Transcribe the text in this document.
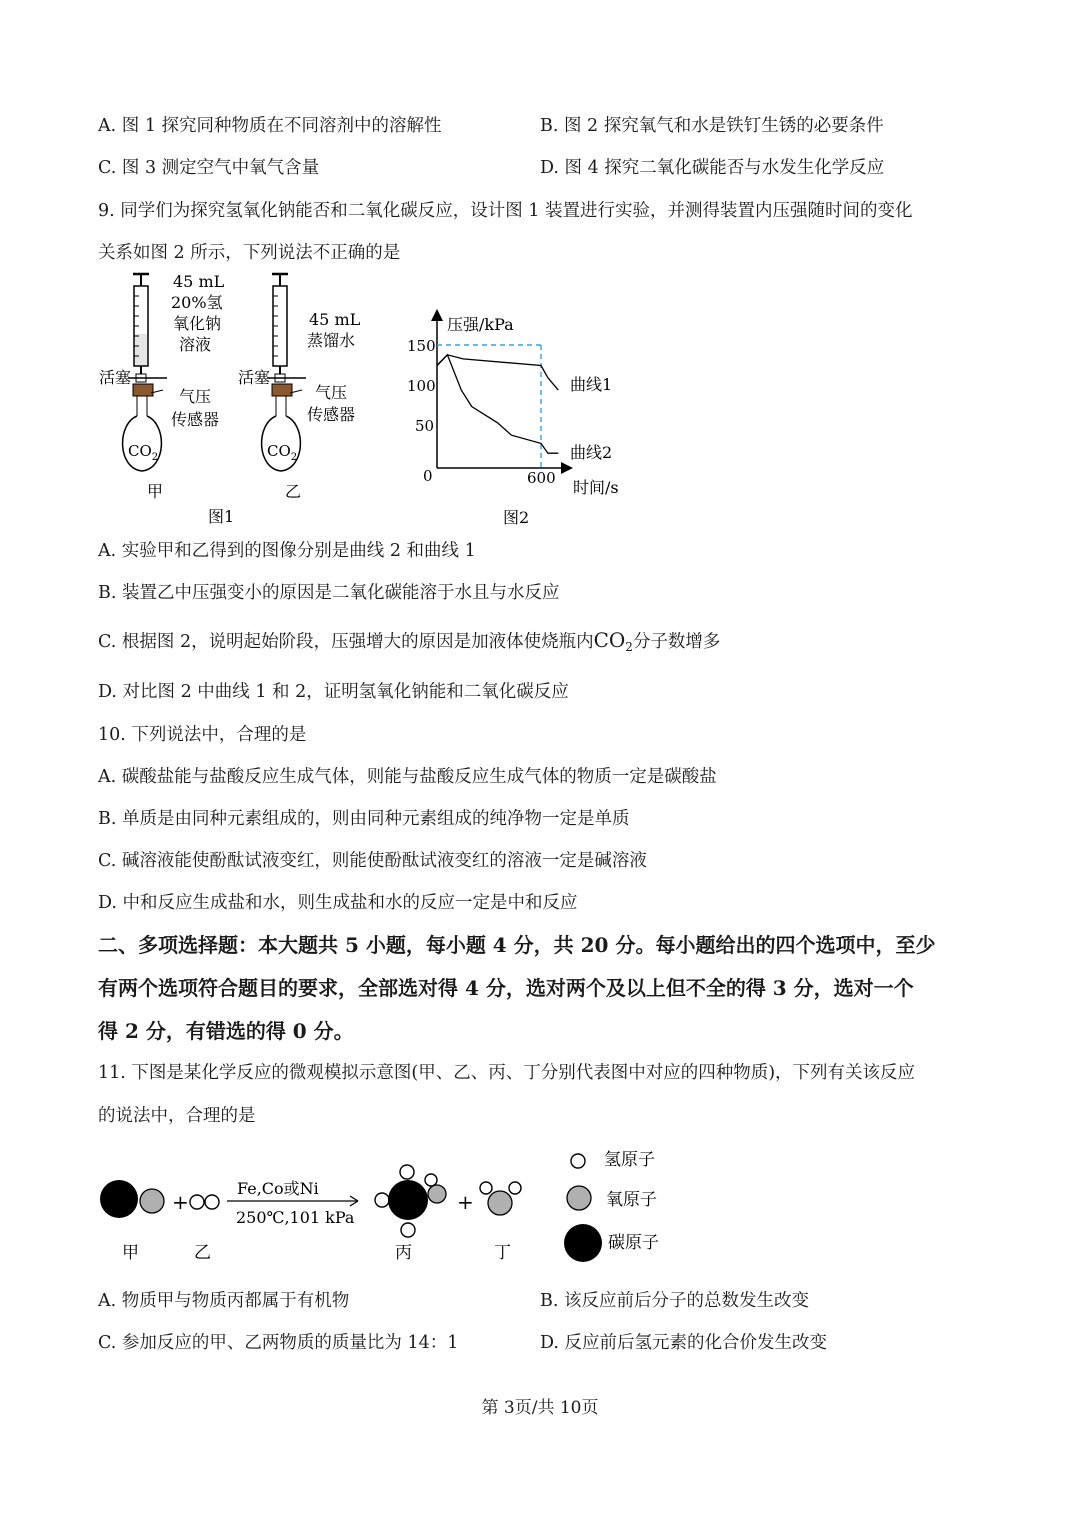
A. 图 1 探究同种物质在不同溶剂中的溶解性	B. 图 2 探究氧气和水是铁钉生锈的必要条件
C. 图 3 测定空气中氧气含量	D. 图 4 探究二氧化碳能否与水发生化学反应
9. 同学们为探究氢氧化钠能否和二氧化碳反应，设计图 1 装置进行实验，并测得装置内压强随时间的变化
关系如图 2 所示，下列说法不正确的是
45 mL
20%氢
氧化钠
溶液
活塞
气压
传感器
$CO_2$
甲
45 mL
蒸馏水
活塞
气压
传感器
$CO_2$
乙
图1
压强/kPa
时间/s
150
100
50
0	600
曲线1
曲线2
图2
A. 实验甲和乙得到的图像分别是曲线 2 和曲线 1
B. 装置乙中压强变小的原因是二氧化碳能溶于水且与水反应
C. 根据图 2，说明起始阶段，压强增大的原因是加液体使烧瓶内$CO_2$分子数增多
D. 对比图 2 中曲线 1 和 2，证明氢氧化钠能和二氧化碳反应
10. 下列说法中，合理的是
A. 碳酸盐能与盐酸反应生成气体，则能与盐酸反应生成气体的物质一定是碳酸盐
B. 单质是由同种元素组成的，则由同种元素组成的纯净物一定是单质
C. 碱溶液能使酚酞试液变红，则能使酚酞试液变红的溶液一定是碱溶液
D. 中和反应生成盐和水，则生成盐和水的反应一定是中和反应
二、多项选择题：本大题共 5 小题，每小题 4 分，共 20 分。每小题给出的四个选项中，至少
有两个选项符合题目的要求，全部选对得 4 分，选对两个及以上但不全的得 3 分，选对一个
得 2 分，有错选的得 0 分。
11. 下图是某化学反应的微观模拟示意图(甲、乙、丙、丁分别代表图中对应的四种物质)，下列有关该反应
的说法中，合理的是
+
Fe,Co或Ni
250℃,101 kPa
+
甲	乙	丙	丁
氢原子
氧原子
碳原子
A. 物质甲与物质丙都属于有机物	B. 该反应前后分子的总数发生改变
C. 参加反应的甲、乙两物质的质量比为 14：1	D. 反应前后氢元素的化合价发生改变
第 3页/共 10页
